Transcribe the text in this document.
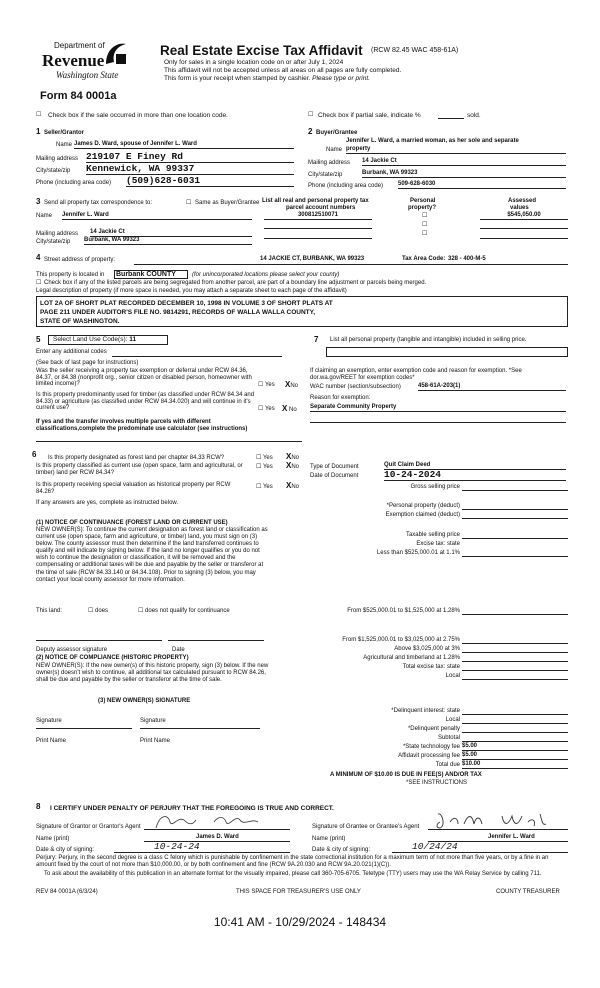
Department of
Revenue
Washington State
Form 84 0001a
Real Estate Excise Tax Affidavit (RCW 82.45 WAC 458-61A)
Only for sales in a single location code on or after July 1, 2024
This affidavit will not be accepted unless all areas on all pages are fully completed.
This form is your receipt when stamped by cashier. Please type or print.
☐ Check box if the sale occurred in more than one location code.	☐ Check box if partial sale, indicate %	sold.
1 Seller/Grantor
Name James D. Ward, spouse of Jennifer L. Ward
Mailing address 219107 E Finey Rd
City/state/zip Kennewick, WA 99337
Phone (including area code) (509)628-6031
2 Buyer/Grantee
Jennifer L. Ward, a married woman, as her sole and separate
Name property
Mailing address 14 Jackie Ct
City/state/zip	Burbank, WA 99323
Phone (including area code) 509-628-6030
3 Send all property tax correspondence to:	☐ Same as Buyer/Grantee
Name Jennifer L. Ward
Mailing address 14 Jackie Ct
City/state/zip Burbank, WA 99323
List all real and personal property tax
parcel account numbers
Personal
property?
Assessed
values
300812510071	☐	$545,050.00
☐
☐
4 Street address of property:	14 JACKIE CT, BURBANK, WA 99323	Tax Area Code: 328 - 400-M-5
This property is located in Burbank COUNTY	(for unincorporated locations please select your county)
☐ Check box if any of the listed parcels are being segregated from another parcel, are part of a boundary line adjustment or parcels being merged.
Legal description of property (if more space is needed, you may attach a separate sheet to each page of the affidavit)
LOT 2A OF SHORT PLAT RECORDED DECEMBER 10, 1998 IN VOLUME 3 OF SHORT PLATS AT
PAGE 211 UNDER AUDITOR'S FILE NO. 9814291, RECORDS OF WALLA WALLA COUNTY,
STATE OF WASHINGTON.
5	Select Land Use Code(s): 11
Enter any additional codes
(See back of last page for instructions)
Was the seller receiving a property tax exemption or deferral under RCW 84.36, 84.37, or 84.38 (nonprofit org., senior citizen or disabled person, homeowner with limited income)?	☐ Yes XNo
Is this property predominantly used for timber (as classified under RCW 84.34 and 84.33) or agriculture (as classified under RCW 84.34.020) and will continue in it's current use?	☐ Yes X No
If yes and the transfer involves multiple parcels with different classifications,complete the predominate use calculator (see instructions)
7 List all personal property (tangible and intangible) included in selling price.
If claiming an exemption, enter exemption code and reason for exemption. *See dor.wa.gov/REET for exemption codes*
WAC number (section/subsection)	458-61A-203(1)
Reason for exemption:
Separate Community Property
6 Is this property designated as forest land per chapter 84.33 RCW?	☐ Yes XNo
Is this property classified as current use (open space, farm and agricultural, or timber) land per RCW 84.34?
☐ Yes XNo
Is this property receiving special valuation as historical property per RCW 84.26?
☐ Yes XNo
If any answers are yes, complete as instructed below.
(1) NOTICE OF CONTINUANCE (FOREST LAND OR CURRENT USE)
NEW OWNER(S): To continue the current designation as forest land or classification as current use (open space, farm and agriculture, or timber) land, you must sign on (3) below. The county assessor must then determine if the land transferred continues to qualify and will indicate by signing below. If the land no longer qualifies or you do not wish to continue the designation or classification, it will be removed and the compensating or additional taxes will be due and payable by the seller or transferor at the time of sale (RCW 84.33.140 or 84.34.108). Prior to signing (3) below, you may contact your local county assessor for more information.
This land:	☐ does	☐ does not qualify for continuance
Deputy assessor signature	Date
(2) NOTICE OF COMPLIANCE (HISTORIC PROPERTY)
NEW OWNER(S): If the new owner(s) of this historic property, sign (3) below. If the new owner(s) doesn't wish to continue, all additional tax calculated pursuant to RCW 84.26, shall be due and payable by the seller or transferor at the time of sale.
(3) NEW OWNER(S) SIGNATURE
Signature	Signature
Print Name	Print Name
Type of Document	Quit Claim Deed
Date of Document	10-24-2024
Gross selling price
*Personal property (deduct)
Exemption claimed (deduct)
Taxable selling price
Excise tax: state
Less than $525,000.01 at 1.1%
From $525,000.01 to $1,525,000 at 1.28%
From $1,525,000.01 to $3,025,000 at 2.75%
Above $3,025,000 at 3%
Agricultural and timberland at 1.28%
Total excise tax: state
Local
*Delinquent interest: state
Local
*Delinquent penalty
Subtotal
*State technology fee $5.00
Affidavit processing fee $5.00
Total due $10.00
A MINIMUM OF $10.00 IS DUE IN FEE(S) AND/OR TAX
*SEE INSTRUCTIONS
8 I CERTIFY UNDER PENALTY OF PERJURY THAT THE FOREGOING IS TRUE AND CORRECT.
Signature of Grantor or Grantor's Agent	Signature of Grantee or Grantee's Agent
Name (print)	James D. Ward	Name (print)	Jennifer L. Ward
Date & city of signing:	10-24-24	Date & city of signing:	10/24/24
Perjury: Perjury, in the second degree is a class C felony which is punishable by confinement in the state correctional institution for a maximum term of not more than five years, or by a fine in an amount fixed by the court of not more than $10,000.00, or by both confinement and fine (RCW 9A.20.030 and RCW 9A.20.021(1)(C)).
To ask about the availability of this publication in an alternate format for the visually impaired, please call 360-705-6705. Teletype (TTY) users may use the WA Relay Service by calling 711.
REV 84 0001A (6/3/24)	THIS SPACE FOR TREASURER'S USE ONLY	COUNTY TREASURER
10:41 AM - 10/29/2024 - 148434
